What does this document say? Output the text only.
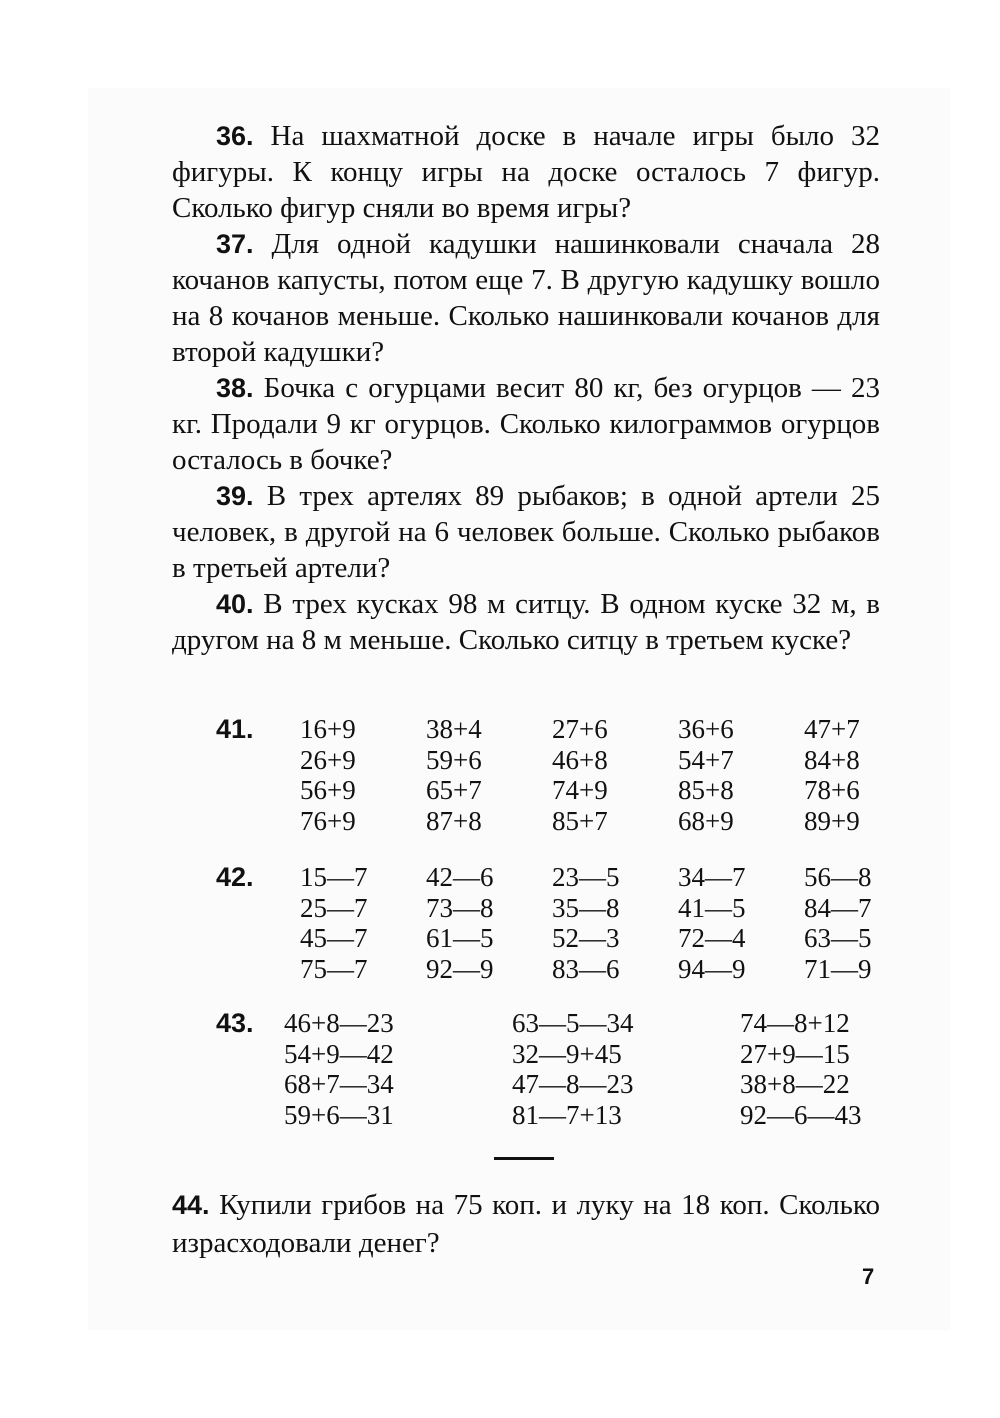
36. На шахматной доске в начале игры было 32 фигуры. К концу игры на доске осталось 7 фигур. Сколько фигур сняли во время игры?

37. Для одной кадушки нашинковали сначала 28 кочанов капусты, потом еще 7. В другую кадушку вошло на 8 кочанов меньше. Сколько нашинковали кочанов для второй кадушки?

38. Бочка с огурцами весит 80 кг, без огурцов — 23 кг. Продали 9 кг огурцов. Сколько килограммов огурцов осталось в бочке?

39. В трех артелях 89 рыбаков; в одной артели 25 человек, в другой на 6 человек больше. Сколько рыбаков в третьей артели?

40. В трех кусках 98 м ситцу. В одном куске 32 м, в другом на 8 м меньше. Сколько ситцу в третьем куске?

41. 16+9
26+9
56+9
76+9
38+4
59+6
65+7
87+8
27+6
46+8
74+9
85+7
36+6
54+7
85+8
68+9
47+7
84+8
78+6
89+9
42. 15—7
25—7
45—7
75—7
42—6
73—8
61—5
92—9
23—5
35—8
52—3
83—6
34—7
41—5
72—4
94—9
56—8
84—7
63—5
71—9
43. 46+8—23
54+9—42
68+7—34
59+6—31
63—5—34
32—9+45
47—8—23
81—7+13
74—8+12
27+9—15
38+8—22
92—6—43
44. Купили грибов на 75 коп. и луку на 18 коп. Сколько израсходовали денег?
7
